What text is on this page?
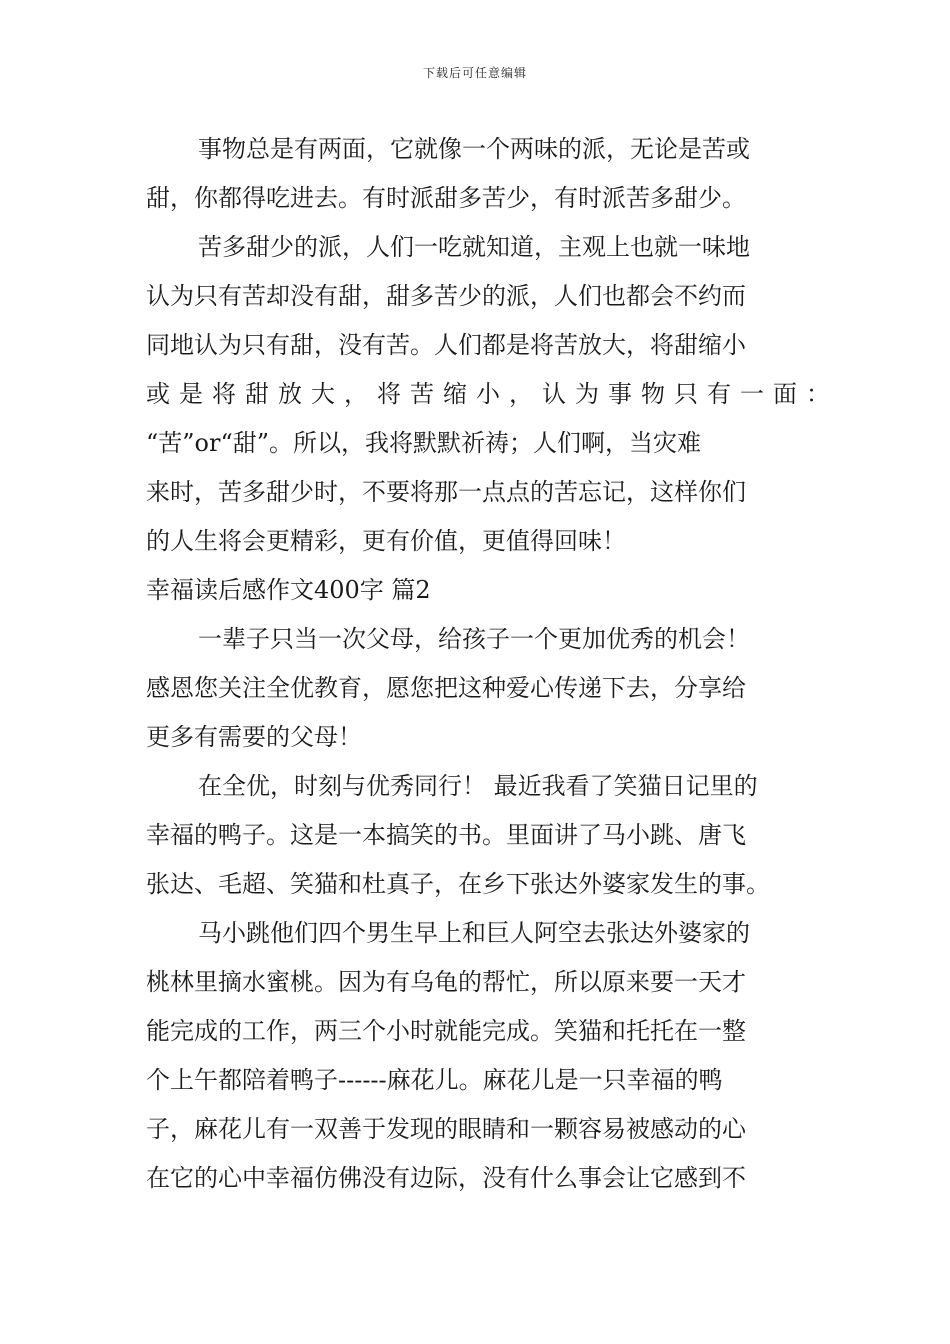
下载后可任意编辑
事物总是有两面，它就像一个两味的派，无论是苦或
甜，你都得吃进去。有时派甜多苦少，有时派苦多甜少。
苦多甜少的派，人们一吃就知道，主观上也就一味地
认为只有苦却没有甜，甜多苦少的派，人们也都会不约而
同地认为只有甜，没有苦。人们都是将苦放大，将甜缩小
或是将甜放大，将苦缩小，认为事物只有一面：
“苦”or“甜”。所以，我将默默祈祷；人们啊，当灾难
来时，苦多甜少时，不要将那一点点的苦忘记，这样你们
的人生将会更精彩，更有价值，更值得回味！
幸福读后感作文400字 篇2
一辈子只当一次父母，给孩子一个更加优秀的机会！
感恩您关注全优教育，愿您把这种爱心传递下去，分享给
更多有需要的父母！
在全优，时刻与优秀同行！ 最近我看了笑猫日记里的
幸福的鸭子。这是一本搞笑的书。里面讲了马小跳、唐飞
张达、毛超、笑猫和杜真子，在乡下张达外婆家发生的事。
马小跳他们四个男生早上和巨人阿空去张达外婆家的
桃林里摘水蜜桃。因为有乌龟的帮忙，所以原来要一天才
能完成的工作，两三个小时就能完成。笑猫和托托在一整
个上午都陪着鸭子------麻花儿。麻花儿是一只幸福的鸭
子，麻花儿有一双善于发现的眼睛和一颗容易被感动的心
在它的心中幸福仿佛没有边际，没有什么事会让它感到不
